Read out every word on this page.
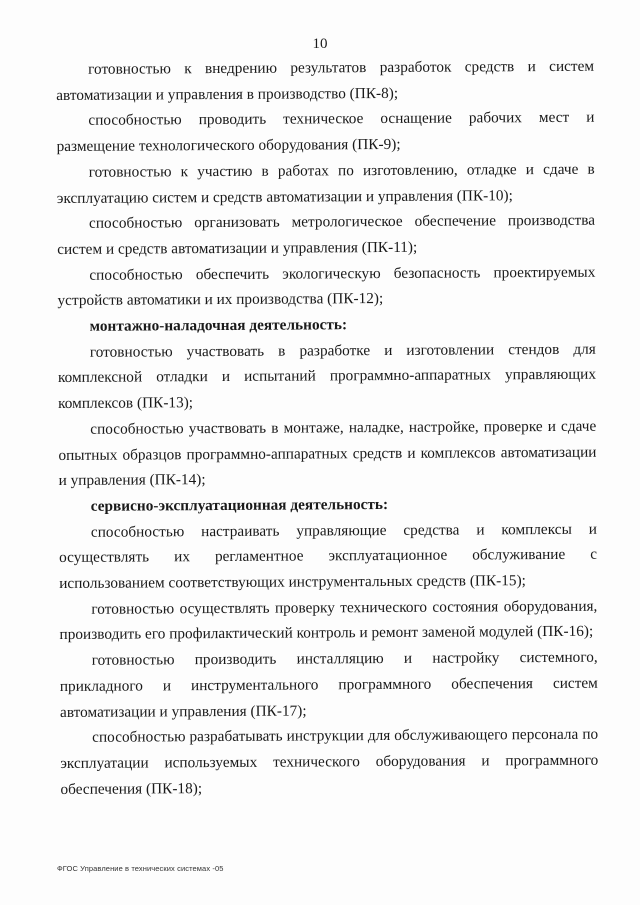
10

готовностью к внедрению результатов разработок средств и систем автоматизации и управления в производство (ПК-8);

способностью проводить техническое оснащение рабочих мест и размещение технологического оборудования (ПК-9);

готовностью к участию в работах по изготовлению, отладке и сдаче в эксплуатацию систем и средств автоматизации и управления (ПК-10);

способностью организовать метрологическое обеспечение производства систем и средств автоматизации и управления (ПК-11);

способностью обеспечить экологическую безопасность проектируемых устройств автоматики и их производства (ПК-12);

монтажно-наладочная деятельность:

готовностью участвовать в разработке и изготовлении стендов для комплексной отладки и испытаний программно-аппаратных управляющих комплексов (ПК-13);

способностью участвовать в монтаже, наладке, настройке, проверке и сдаче опытных образцов программно-аппаратных средств и комплексов автоматизации и управления (ПК-14);

сервисно-эксплуатационная деятельность:

способностью настраивать управляющие средства и комплексы и осуществлять их регламентное эксплуатационное обслуживание с использованием соответствующих инструментальных средств (ПК-15);

готовностью осуществлять проверку технического состояния оборудования, производить его профилактический контроль и ремонт заменой модулей (ПК-16);

готовностью производить инсталляцию и настройку системного, прикладного и инструментального программного обеспечения систем автоматизации и управления (ПК-17);

способностью разрабатывать инструкции для обслуживающего персонала по эксплуатации используемых технического оборудования и программного обеспечения (ПК-18);

ФГОС Управление в технических системах -05
